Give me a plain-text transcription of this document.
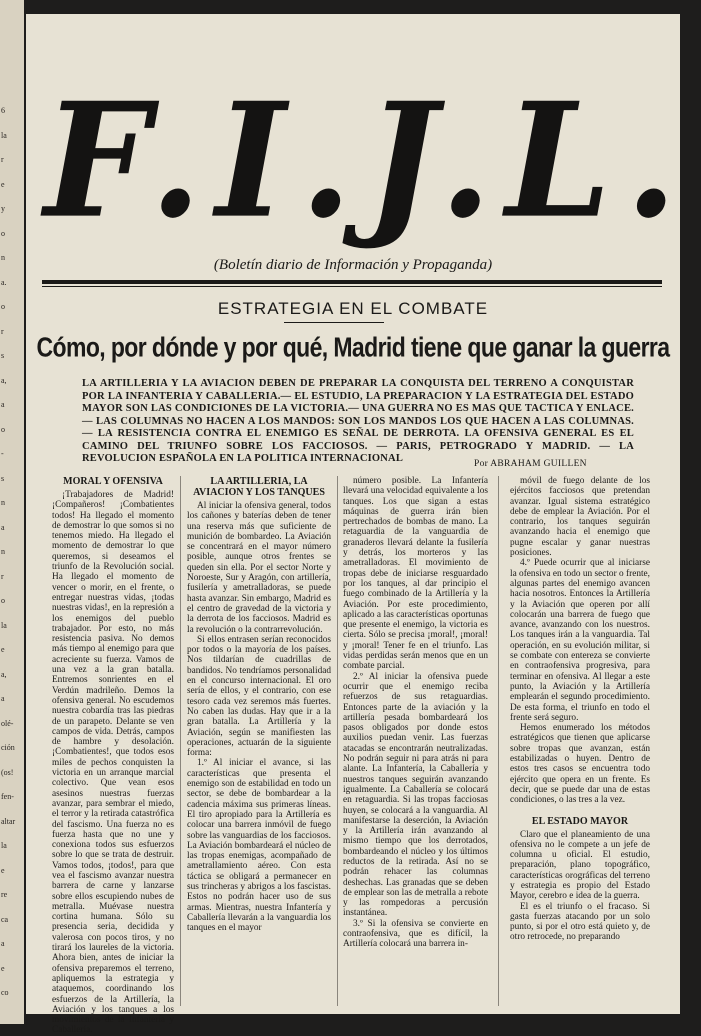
6
la
r
e
y
o
n
a.
o
r
s
a,
a
o
-
s
n
a
n
r
o
la
e
a,
a
olé-
ción
(os!
fen-
altar
la
e
re
ca
a
e
co
F.I.J.L.
(Boletín diario de Información y Propaganda)
ESTRATEGIA EN EL COMBATE
Cómo, por dónde y por qué, Madrid tiene que ganar la guerra
LA ARTILLERIA Y LA AVIACION DEBEN DE PREPARAR LA CONQUISTA DEL TERRENO A CONQUISTAR POR LA INFANTERIA Y CABALLERIA.— EL ESTUDIO, LA PREPARACION Y LA ESTRATEGIA DEL ESTADO MAYOR SON LAS CONDICIONES DE LA VICTORIA.— UNA GUERRA NO ES MAS QUE TACTICA Y ENLACE.— LAS COLUMNAS NO HACEN A LOS MANDOS: SON LOS MANDOS LOS QUE HACEN A LAS COLUMNAS.— LA RESISTENCIA CONTRA EL ENEMIGO ES SEÑAL DE DERROTA. LA OFENSIVA GENERAL ES EL CAMINO DEL TRIUNFO SOBRE LOS FACCIOSOS. — PARIS, PETROGRADO Y MADRID. — LA REVOLUCION ESPAÑOLA EN LA POLITICA INTERNACIONAL	Por ABRAHAM GUILLEN
MORAL Y OFENSIVA

¡Trabajadores de Madrid! ¡Compañeros! ¡Combatientes todos! Ha llegado el momento de demostrar lo que somos si no tenemos miedo. Ha llegado el momento de demostrar lo que queremos, si deseamos el triunfo de la Revolución social. Ha llegado el momento de vencer o morir, en el frente, o entregar nuestras vidas, ¡todas nuestras vidas!, en la represión a los enemigos del pueblo trabajador. Por esto, no más resistencia pasiva. No demos más tiempo al enemigo para que acreciente su fuerza. Vamos de una vez a la gran batalla. Entremos sonrientes en el Verdún madrileño. Demos la ofensiva general. No escudemos nuestra cobardía tras las piedras de un parapeto. Delante se ven campos de vida. Detrás, campos de hambre y desolación. ¡Combatientes!, que todos esos miles de pechos conquisten la victoria en un arranque marcial colectivo. Que vean esos asesinos nuestras fuerzas avanzar, para sembrar el miedo, el terror y la retirada catastrófica del fascismo. Una fuerza no es fuerza hasta que no une y conexiona todos sus esfuerzos sobre lo que se trata de destruir. Vamos todos, ¡todos!, para que vea el fascismo avanzar nuestra barrera de carne y lanzarse sobre ellos escupiendo nubes de metralla. Muévase nuestra cortina humana. Sólo su presencia seria, decidida y valerosa con pocos tiros, y no tirará los laureles de la victoria. Ahora bien, antes de iniciar la ofensiva preparemos el terreno, apliquemos la estrategia y ataquemos, coordinando los esfuerzos de la Artillería, la Aviación y los tanques a los movimientos de la Infantería y Caballería.

LA ARTILLERIA, LA AVIACION Y LOS TANQUES

Al iniciar la ofensiva general, todos los cañones y baterías deben de tener una reserva más que suficiente de munición de bombardeo. La Aviación se concentrará en el mayor número posible, aunque otros frentes se queden sin ella. Por el sector Norte y Noroeste, Sur y Aragón, con artillería, fusilería y ametralladoras, se puede hasta avanzar. Sin embargo, Madrid es el centro de gravedad de la victoria y la derrota de los facciosos. Madrid es la revolución o la contrarrevolución.

Si ellos entrasen serían reconocidos por todos o la mayoría de los países. Nos tildarían de cuadrillas de bandidos. No tendríamos personalidad en el concurso internacional. El oro sería de ellos, y el contrario, con ese tesoro cada vez seremos más fuertes. No caben las dudas. Hay que ir a la gran batalla. La Artillería y la Aviación, según se manifiesten las operaciones, actuarán de la siguiente forma:

1.º Al iniciar el avance, si las características que presenta el enemigo son de estabilidad en todo un sector, se debe de bombardear a la cadencia máxima sus primeras líneas. El tiro apropiado para la Artillería es colocar una barrera inmóvil de fuego sobre las vanguardias de los facciosos. La Aviación bombardeará el núcleo de las tropas enemigas, acompañado de ametrallamiento aéreo. Con esta táctica se obligará a permanecer en sus trincheras y abrigos a los fascistas. Estos no podrán hacer uso de sus armas. Mientras, nuestra Infantería y Caballería llevarán a la vanguardia los tanques en el mayor

número posible. La Infantería llevará una velocidad equivalente a los tanques. Los que sigan a estas máquinas de guerra irán bien pertrechados de bombas de mano. La retaguardia de la vanguardia de granaderos llevará delante la fusilería y detrás, los morteros y las ametralladoras. El movimiento de tropas debe de iniciarse resguardado por los tanques, al dar principio el fuego combinado de la Artillería y la Aviación. Por este procedimiento, aplicado a las características oportunas que presente el enemigo, la victoria es cierta. Sólo se precisa ¡moral!, ¡moral! y ¡moral! Tener fe en el triunfo. Las vidas perdidas serán menos que en un combate parcial.

2.º Al iniciar la ofensiva puede ocurrir que el enemigo reciba refuerzos de sus retaguardias. Entonces parte de la aviación y la artillería pesada bombardeará los pasos obligados por donde estos auxilios puedan venir. Las fuerzas atacadas se encontrarán neutralizadas. No podrán seguir ni para atrás ni para alante. La Infantería, la Caballería y nuestros tanques seguirán avanzando igualmente. La Caballería se colocará en retaguardia. Si las tropas facciosas huyen, se colocará a la vanguardia. Al manifestarse la deserción, la Aviación y la Artillería irán avanzando al mismo tiempo que los derrotados, bombardeando el núcleo y los últimos reductos de la retirada. Así no se podrán rehacer las columnas deshechas. Las granadas que se deben de emplear son las de metralla a rebote y las rompedoras a percusión instantánea.

3.º Si la ofensiva se convierte en contraofensiva, que es difícil, la Artillería colocará una barrera in-

móvil de fuego delante de los ejércitos facciosos que pretendan avanzar. Igual sistema estratégico debe de emplear la Aviación. Por el contrario, los tanques seguirán avanzando hacia el enemigo que pugne escalar y ganar nuestras posiciones.

4.º Puede ocurrir que al iniciarse la ofensiva en todo un sector o frente, algunas partes del enemigo avancen hacia nosotros. Entonces la Artillería y la Aviación que operen por allí colocarán una barrera de fuego que avance, avanzando con los nuestros. Los tanques irán a la vanguardia. Tal operación, en su evolución militar, si se combate con entereza se convierte en contraofensiva progresiva, para terminar en ofensiva. Al llegar a este punto, la Aviación y la Artillería emplearán el segundo procedimiento. De esta forma, el triunfo en todo el frente será seguro.

Hemos enumerado los métodos estratégicos que tienen que aplicarse sobre tropas que avanzan, están estabilizadas o huyen. Dentro de estos tres casos se encuentra todo ejército que opera en un frente. Es decir, que se puede dar una de estas condiciones, o las tres a la vez.

EL ESTADO MAYOR

Claro que el planeamiento de una ofensiva no le compete a un jefe de columna u oficial. El estudio, preparación, plano topográfico, características orográficas del terreno y estrategia es propio del Estado Mayor, cerebro e idea de la guerra.

El es el triunfo o el fracaso. Si gasta fuerzas atacando por un solo punto, si por el otro está quieto y, de otro retrocede, no preparando
